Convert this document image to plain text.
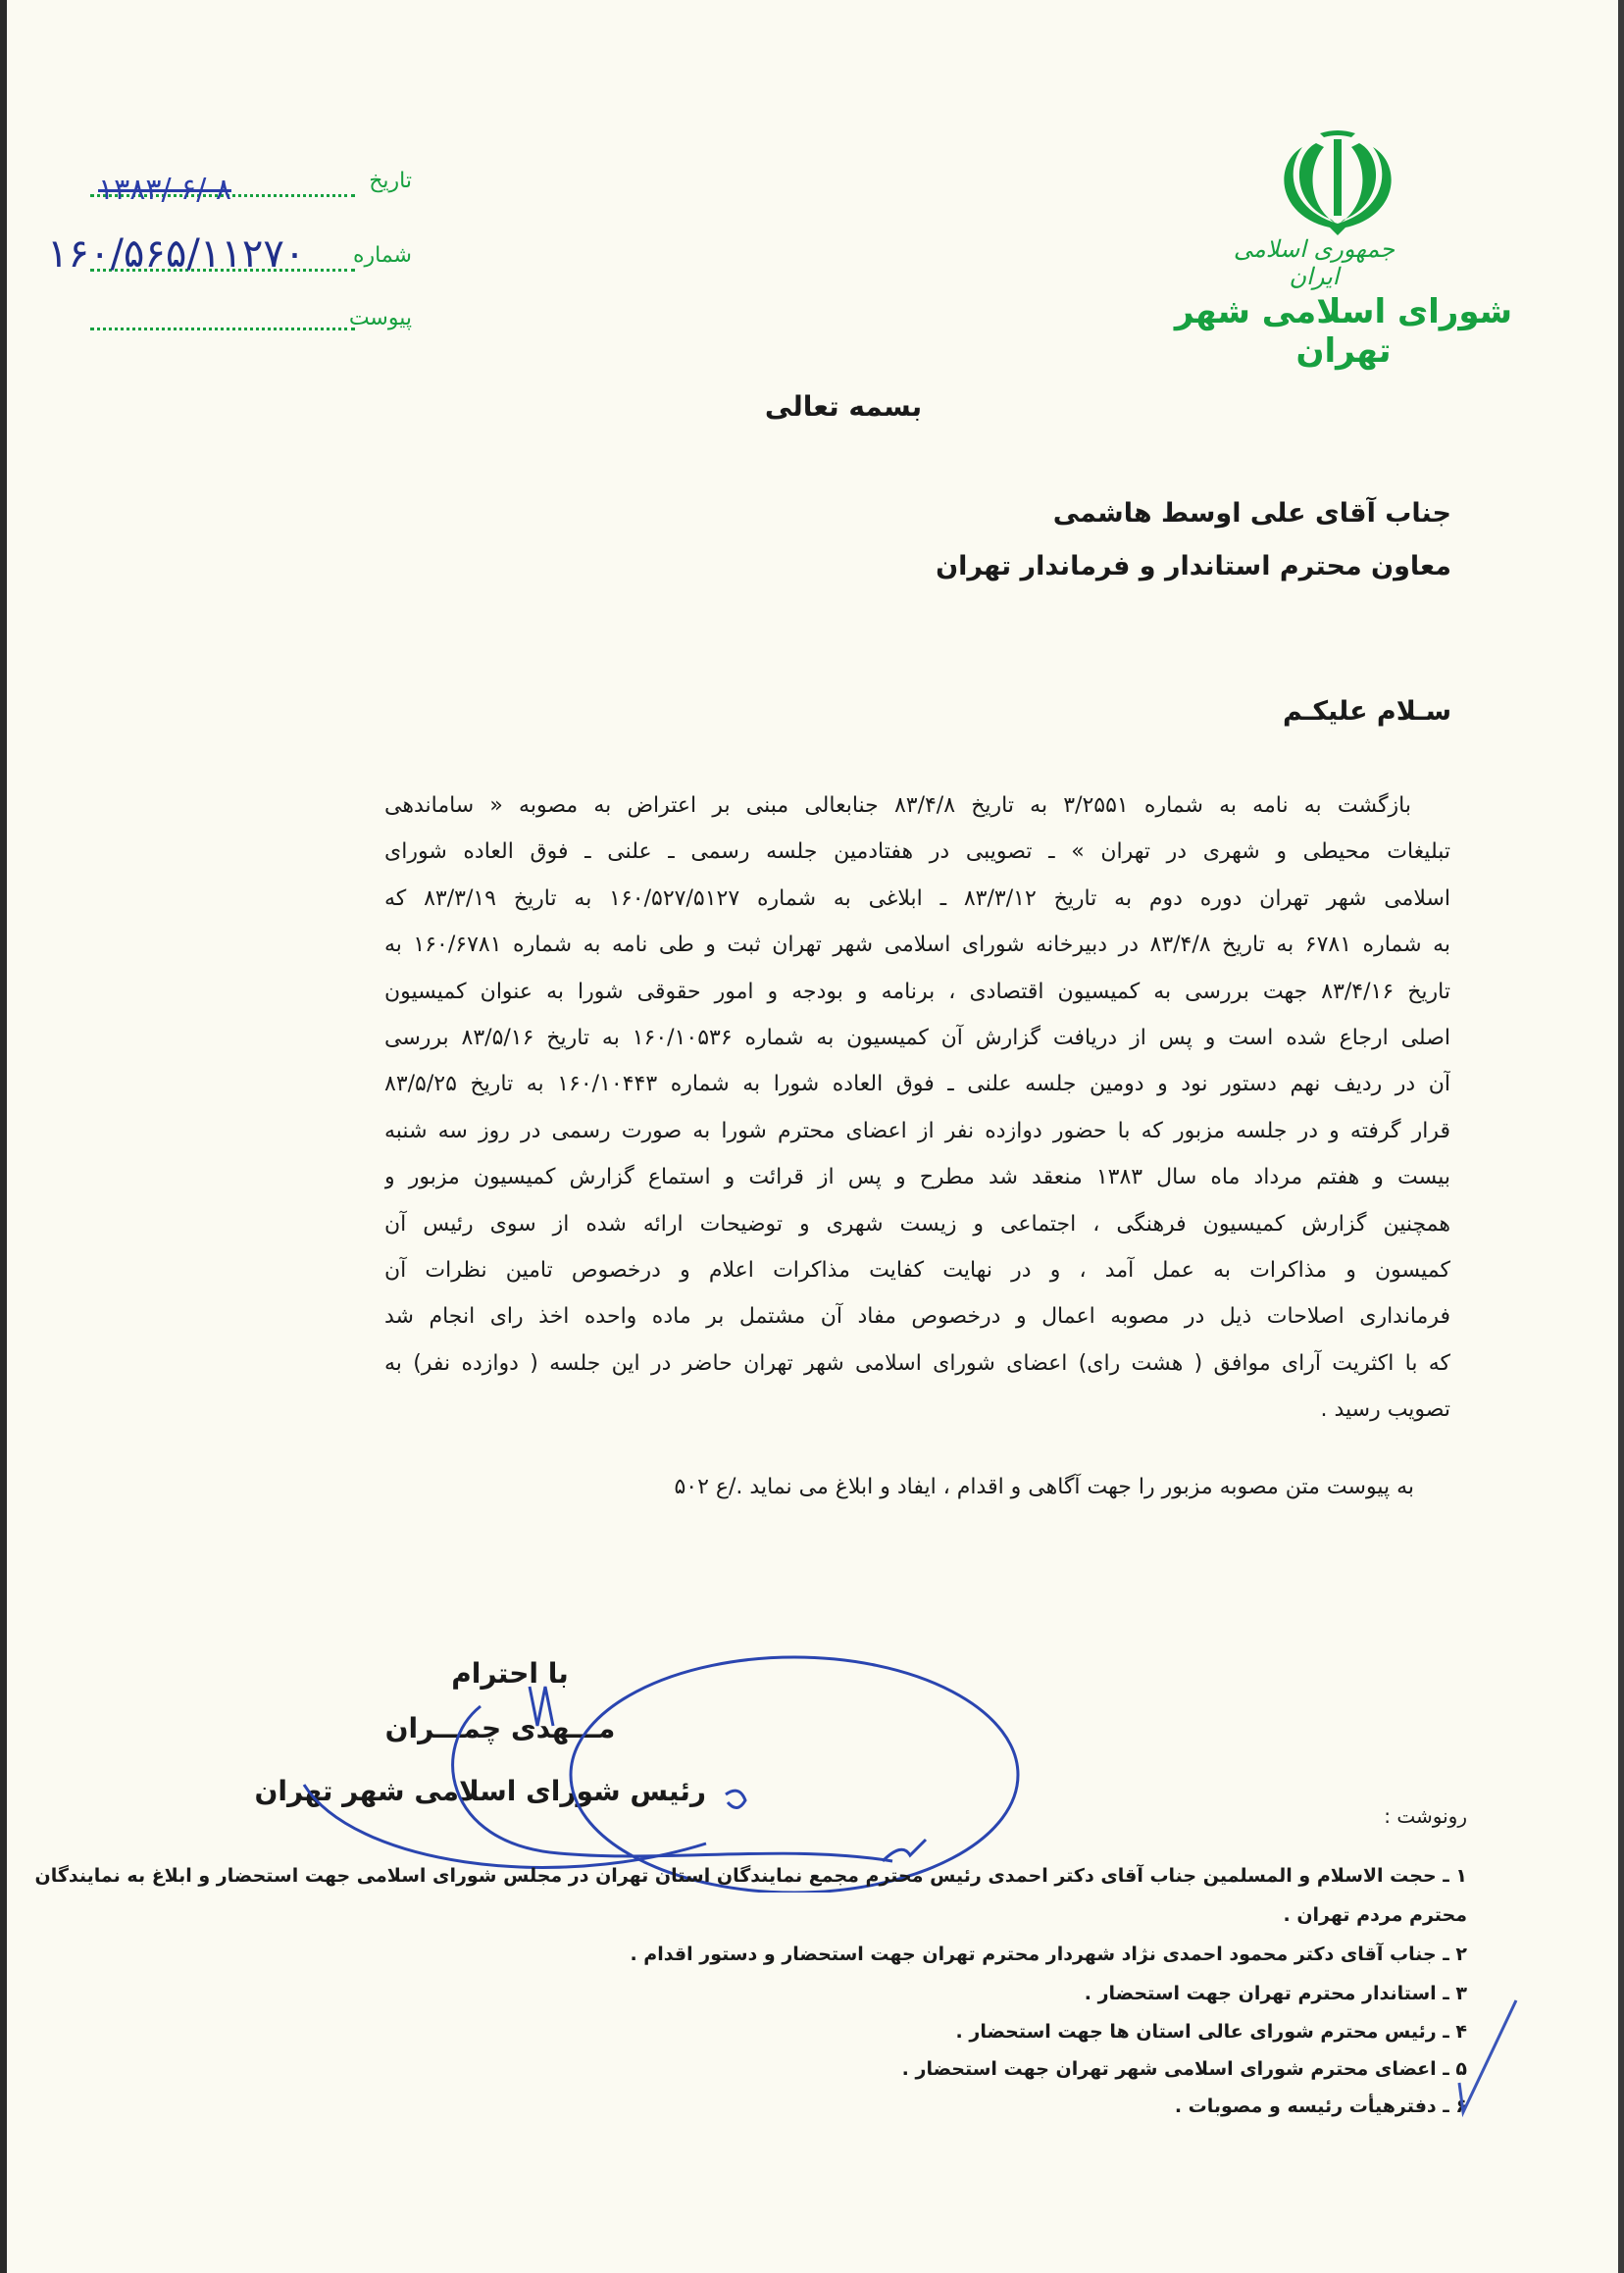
جمهوری اسلامی ایران
شورای اسلامی شهر تهران
تاریخ
۱۳۸۳/ ۶/ ۸
شماره
۱۶۰/۵۶۵/۱۱۲۷۰
پیوست
بسمه تعالی
جناب آقای علی اوسط هاشمی
معاون محترم استاندار و فرماندار تهران
سـلام علیکـم
بازگشت به نامه به شماره ۳/۲۵۵۱ به تاریخ ۸۳/۴/۸ جنابعالی مبنی بر اعتراض به مصوبه « ساماندهی
تبلیغات محیطی و شهری در تهران » ـ تصویبی در هفتادمین جلسه رسمی ـ علنی ـ فوق العاده شورای
اسلامی شهر تهران دوره دوم به تاریخ ۸۳/۳/۱۲ ـ ابلاغی به شماره ۱۶۰/۵۲۷/۵۱۲۷ به تاریخ ۸۳/۳/۱۹ که
به شماره ۶۷۸۱ به تاریخ ۸۳/۴/۸ در دبیرخانه شورای اسلامی شهر تهران ثبت و طی نامه به شماره ۱۶۰/۶۷۸۱ به
تاریخ ۸۳/۴/۱۶ جهت بررسی به کمیسیون اقتصادی ، برنامه و بودجه و امور حقوقی شورا به عنوان کمیسیون
اصلی ارجاع شده است و پس از دریافت گزارش آن کمیسیون به شماره ۱۶۰/۱۰۵۳۶ به تاریخ ۸۳/۵/۱۶ بررسی
آن در ردیف نهم دستور نود و دومین جلسه علنی ـ فوق العاده شورا به شماره ۱۶۰/۱۰۴۴۳ به تاریخ ۸۳/۵/۲۵
قرار گرفته و در جلسه مزبور که با حضور دوازده نفر از اعضای محترم شورا به صورت رسمی در روز سه شنبه
بیست و هفتم مرداد ماه سال ۱۳۸۳ منعقد شد مطرح و پس از قرائت و استماع گزارش کمیسیون مزبور و
همچنین گزارش کمیسیون فرهنگی ، اجتماعی و زیست شهری و توضیحات ارائه شده از سوی رئیس آن
کمیسون و مذاکرات به عمل آمد ، و در نهایت کفایت مذاکرات اعلام و درخصوص تامین نظرات آن
فرمانداری اصلاحات ذیل در مصوبه اعمال و درخصوص مفاد آن مشتمل بر ماده واحده اخذ رای انجام شد
که با اکثریت آرای موافق ( هشت رای) اعضای شورای اسلامی شهر تهران حاضر در این جلسه ( دوازده نفر) به
تصویب رسید .
به پیوست متن مصوبه مزبور را جهت آگاهی و اقدام ، ایفاد و ابلاغ می نماید ./ع ۵۰۲
با احترام
مـــهدی چمـــران
رئیس شورای اسلامی شهر تهران
رونوشت :
۱ ـ حجت الاسلام و المسلمین جناب آقای دکتر احمدی رئیس محترم مجمع نمایندگان استان تهران در مجلس شورای اسلامی جهت استحضار و ابلاغ به نمایندگان
محترم مردم تهران .
۲ ـ جناب آقای دکتر محمود احمدی نژاد شهردار محترم تهران جهت استحضار و دستور اقدام .
۳ ـ استاندار محترم تهران جهت استحضار .
۴ ـ رئیس محترم شورای عالی استان ها جهت استحضار .
۵ ـ اعضای محترم شورای اسلامی شهر تهران جهت استحضار .
۶ ـ دفترهیأت رئیسه و مصوبات .
